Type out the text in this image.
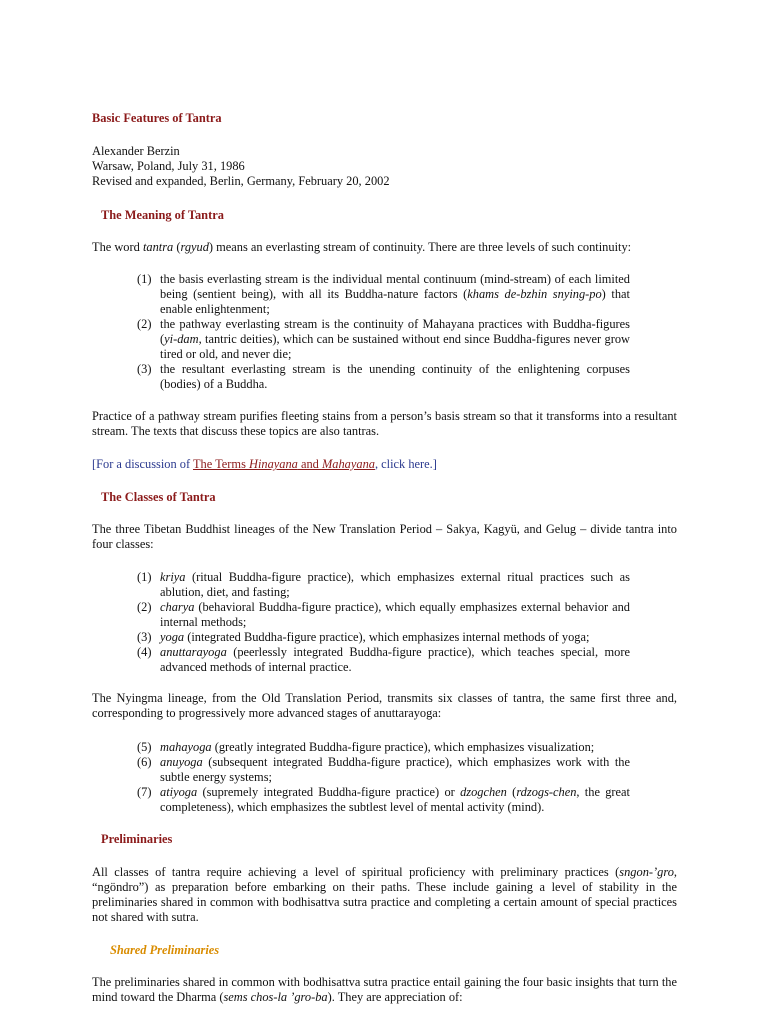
Basic Features of Tantra
Alexander Berzin
Warsaw, Poland, July 31, 1986
Revised and expanded, Berlin, Germany, February 20, 2002
The Meaning of Tantra
The word tantra (rgyud) means an everlasting stream of continuity. There are three levels of such continuity:
(1) the basis everlasting stream is the individual mental continuum (mind-stream) of each limited being (sentient being), with all its Buddha-nature factors (khams de-bzhin snying-po) that enable enlightenment;
(2) the pathway everlasting stream is the continuity of Mahayana practices with Buddha-figures (yi-dam, tantric deities), which can be sustained without end since Buddha-figures never grow tired or old, and never die;
(3) the resultant everlasting stream is the unending continuity of the enlightening corpuses (bodies) of a Buddha.
Practice of a pathway stream purifies fleeting stains from a person’s basis stream so that it transforms into a resultant stream. The texts that discuss these topics are also tantras.
[For a discussion of The Terms Hinayana and Mahayana, click here.]
The Classes of Tantra
The three Tibetan Buddhist lineages of the New Translation Period – Sakya, Kagyü, and Gelug – divide tantra into four classes:
(1) kriya (ritual Buddha-figure practice), which emphasizes external ritual practices such as ablution, diet, and fasting;
(2) charya (behavioral Buddha-figure practice), which equally emphasizes external behavior and internal methods;
(3) yoga (integrated Buddha-figure practice), which emphasizes internal methods of yoga;
(4) anuttarayoga (peerlessly integrated Buddha-figure practice), which teaches special, more advanced methods of internal practice.
The Nyingma lineage, from the Old Translation Period, transmits six classes of tantra, the same first three and, corresponding to progressively more advanced stages of anuttarayoga:
(5) mahayoga (greatly integrated Buddha-figure practice), which emphasizes visualization;
(6) anuyoga (subsequent integrated Buddha-figure practice), which emphasizes work with the subtle energy systems;
(7) atiyoga (supremely integrated Buddha-figure practice) or dzogchen (rdzogs-chen, the great completeness), which emphasizes the subtlest level of mental activity (mind).
Preliminaries
All classes of tantra require achieving a level of spiritual proficiency with preliminary practices (sngon-’gro, “ngöndro”) as preparation before embarking on their paths. These include gaining a level of stability in the preliminaries shared in common with bodhisattva sutra practice and completing a certain amount of special practices not shared with sutra.
Shared Preliminaries
The preliminaries shared in common with bodhisattva sutra practice entail gaining the four basic insights that turn the mind toward the Dharma (sems chos-la ’gro-ba). They are appreciation of:
